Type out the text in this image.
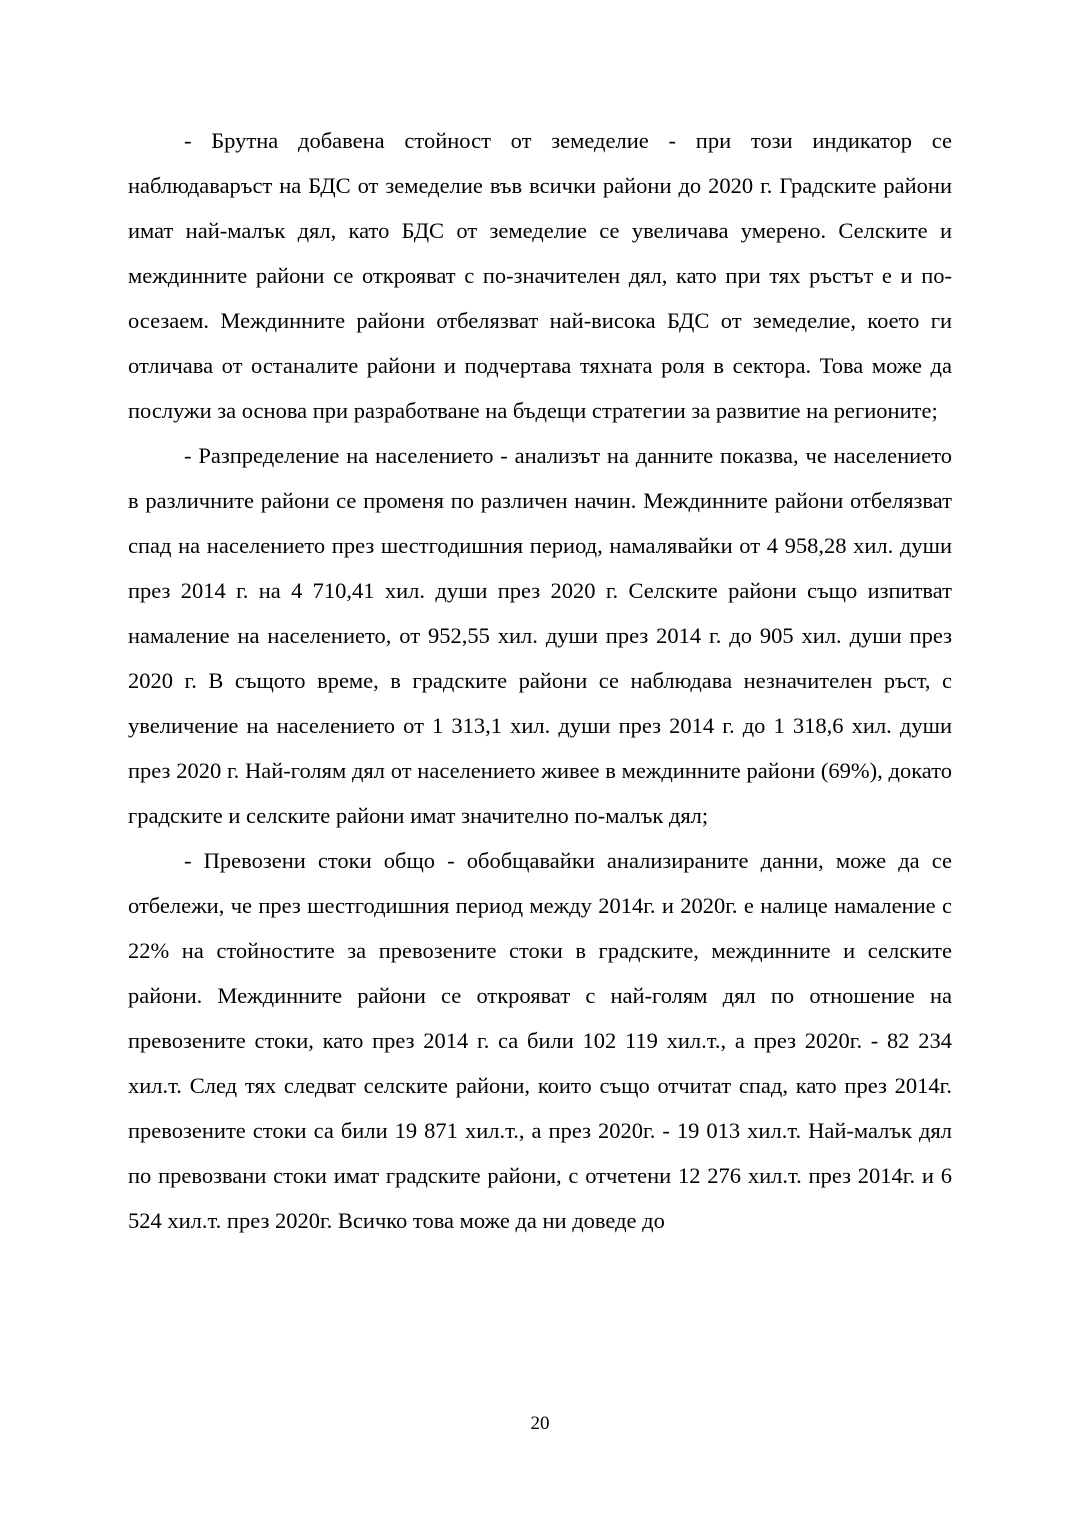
- Брутна добавена стойност от земеделие - при този индикатор се наблюдаваръст на БДС от земеделие във всички райони до 2020 г. Градските райони имат най-малък дял, като БДС от земеделие се увеличава умерено. Селските и междинните райони се открояват с по-значителен дял, като при тях ръстът е и по-осезаем. Междинните райони отбелязват най-висока БДС от земеделие, което ги отличава от останалите райони и подчертава тяхната роля в сектора. Това може да послужи за основа при разработване на бъдещи стратегии за развитие на регионите;

- Разпределение на населението - анализът на данните показва, че населението в различните райони се променя по различен начин. Междинните райони отбелязват спад на населението през шестгодишния период, намалявайки от 4 958,28 хил. души през 2014 г. на 4 710,41 хил. души през 2020 г. Селските райони също изпитват намаление на населението, от 952,55 хил. души през 2014 г. до 905 хил. души през 2020 г. В същото време, в градските райони се наблюдава незначителен ръст, с увеличение на населението от 1 313,1 хил. души през 2014 г. до 1 318,6 хил. души през 2020 г. Най-голям дял от населението живее в междинните райони (69%), докато градските и селските райони имат значително по-малък дял;

- Превозени стоки общо - обобщавайки анализираните данни, може да се отбележи, че през шестгодишния период между 2014г. и 2020г. е налице намаление с 22% на стойностите за превозените стоки в градските, междинните и селските райони. Междинните райони се открояват с най-голям дял по отношение на превозените стоки, като през 2014 г. са били 102 119 хил.т., а през 2020г. - 82 234 хил.т. След тях следват селските райони, които също отчитат спад, като през 2014г. превозените стоки са били 19 871 хил.т., а през 2020г. - 19 013 хил.т. Най-малък дял по превозвани стоки имат градските райони, с отчетени 12 276 хил.т. през 2014г. и 6 524 хил.т. през 2020г. Всичко това може да ни доведе до

20
